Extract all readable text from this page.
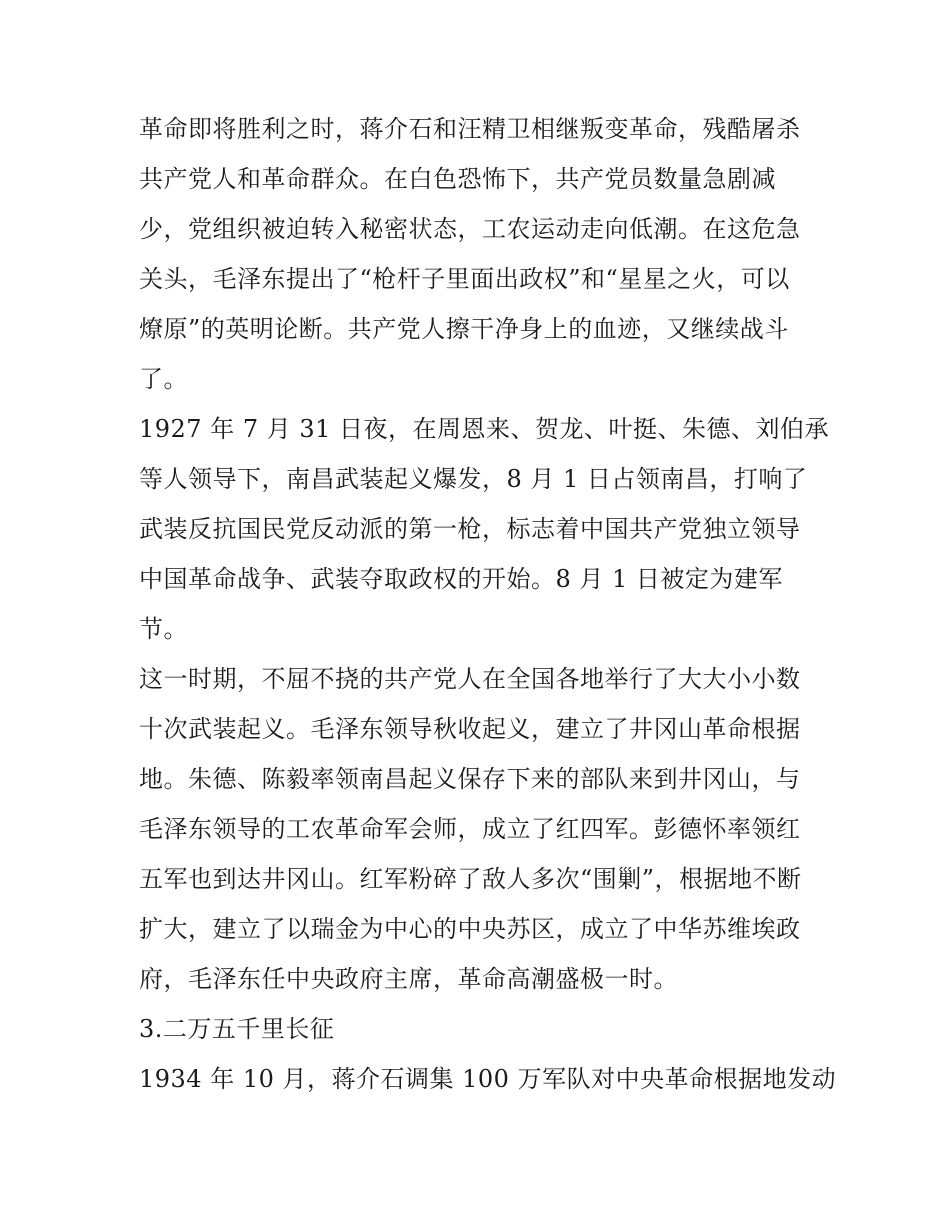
革命即将胜利之时，蒋介石和汪精卫相继叛变革命，残酷屠杀
共产党人和革命群众。在白色恐怖下，共产党员数量急剧减
少，党组织被迫转入秘密状态，工农运动走向低潮。在这危急
关头，毛泽东提出了“枪杆子里面出政权”和“星星之火，可以
燎原”的英明论断。共产党人擦干净身上的血迹，又继续战斗
了。
1927 年 7 月 31 日夜，在周恩来、贺龙、叶挺、朱德、刘伯承
等人领导下，南昌武装起义爆发，8 月 1 日占领南昌，打响了
武装反抗国民党反动派的第一枪，标志着中国共产党独立领导
中国革命战争、武装夺取政权的开始。8 月 1 日被定为建军
节。
这一时期，不屈不挠的共产党人在全国各地举行了大大小小数
十次武装起义。毛泽东领导秋收起义，建立了井冈山革命根据
地。朱德、陈毅率领南昌起义保存下来的部队来到井冈山，与
毛泽东领导的工农革命军会师，成立了红四军。彭德怀率领红
五军也到达井冈山。红军粉碎了敌人多次“围剿”，根据地不断
扩大，建立了以瑞金为中心的中央苏区，成立了中华苏维埃政
府，毛泽东任中央政府主席，革命高潮盛极一时。
3.二万五千里长征
1934 年 10 月，蒋介石调集 100 万军队对中央革命根据地发动
